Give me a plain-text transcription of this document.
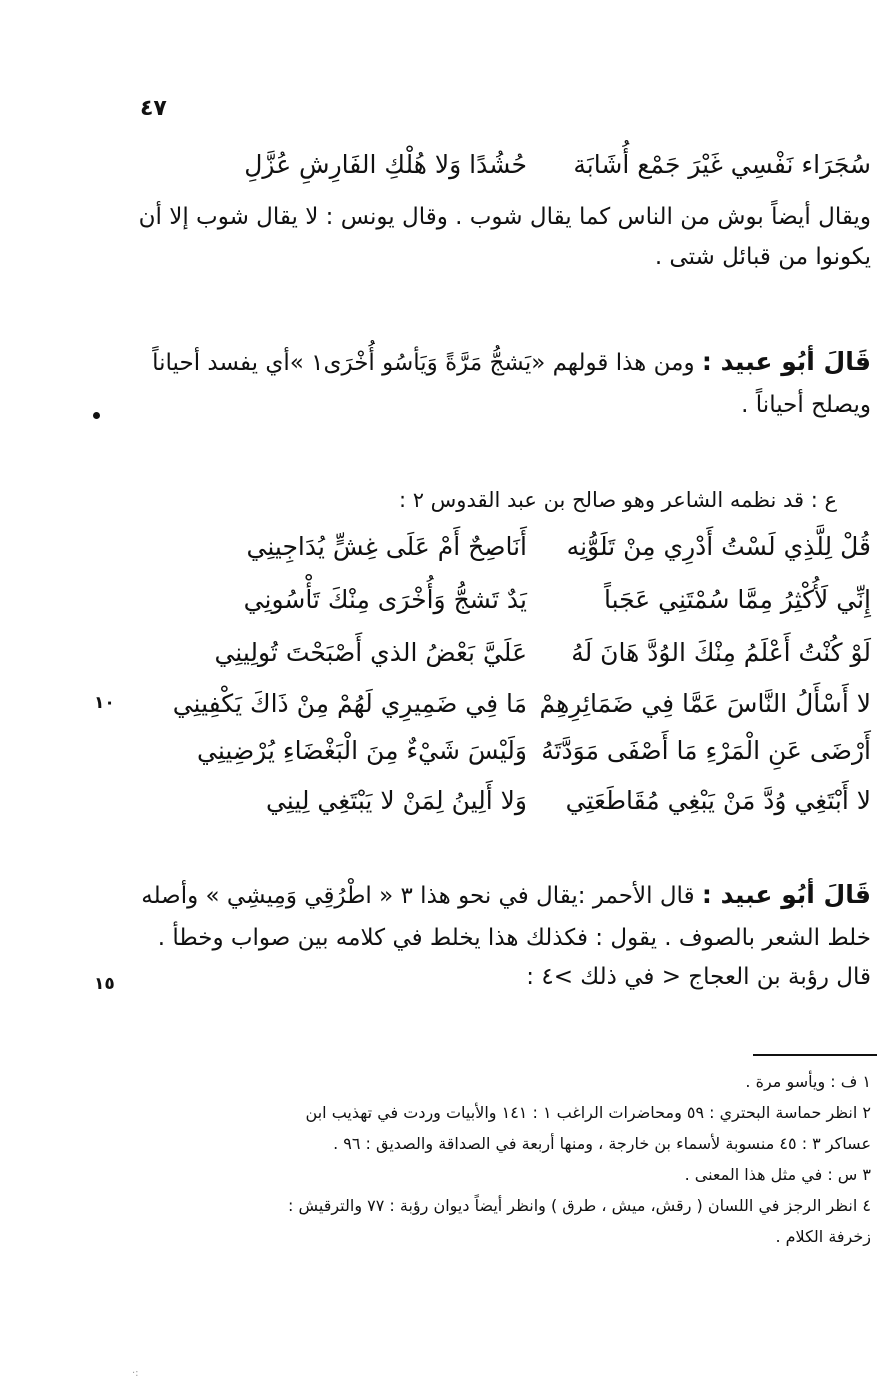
٤٧
سُجَرَاء نَفْسِي غَيْرَ جَمْع أُشَابَة
حُشُدًا وَلا هُلْكِ الفَارِشِ عُزَّلِ
ويقال أيضاً بوش من الناس كما يقال شوب . وقال يونس : لا يقال شوب إلا أن
يكونوا من قبائل شتى .
قَالَ أبُو عبيد : ومن هذا قولهم «يَشجُّ مَرَّةً وَيَأسُو أُخْرَى١ »أي يفسد أحياناً
ويصلح أحياناً .
ع : قد نظمه الشاعر وهو صالح بن عبد القدوس ٢ :
قُلْ لِلَّذِي لَسْتُ أَدْرِي مِنْ تَلَوُّنِه
أَنَاصِحٌ أَمْ عَلَى غِشٍّ يُدَاجِينِي
إِنِّي لَأُكْثِرُ مِمَّا سُمْتَنِي عَجَباً
يَدٌ تَشجُّ وَأُخْرَى مِنْكَ تَأْسُونِي
لَوْ كُنْتُ أَعْلَمُ مِنْكَ الوُدَّ هَانَ لَهُ
عَلَيَّ بَعْضُ الذي أَصْبَحْتَ تُولِينِي
لا أَسْأَلُ النَّاسَ عَمَّا فِي ضَمَائِرِهِمْ
مَا فِي ضَمِيرِي لَهُمْ مِنْ ذَاكَ يَكْفِينِي
١٠
أَرْضَى عَنِ الْمَرْءِ مَا أَصْفَى مَوَدَّتَهُ
وَلَيْسَ شَيْءٌ مِنَ الْبَغْضَاءِ يُرْضِينِي
لا أَبْتَغِي وُدَّ مَنْ يَبْغِي مُقَاطَعَتِي
وَلا أَلِينُ لِمَنْ لا يَبْتَغِي لِينِي
قَالَ أبُو عبيد : قال الأحمر :يقال في نحو هذا ٣ « اطْرُقِي وَمِيشِي » وأصله
خلط الشعر بالصوف . يقول : فكذلك هذا يخلط في كلامه بين صواب وخطأ .
قال رؤبة بن العجاج < في ذلك >٤ :
١٥
١ ف : ويأسو مرة .
٢ انظر حماسة البحتري : ٥٩ ومحاضرات الراغب ١ : ١٤١ والأبيات وردت في تهذيب ابن
عساكر ٣ : ٤٥ منسوبة لأسماء بن خارجة ، ومنها أربعة في الصداقة والصديق : ٩٦ .
٣ س : في مثل هذا المعنى .
٤ انظر الرجز في اللسان ( رقش، ميش ، طرق ) وانظر أيضاً ديوان رؤبة : ٧٧ والترقيش :
زخرفة الكلام .
·:
